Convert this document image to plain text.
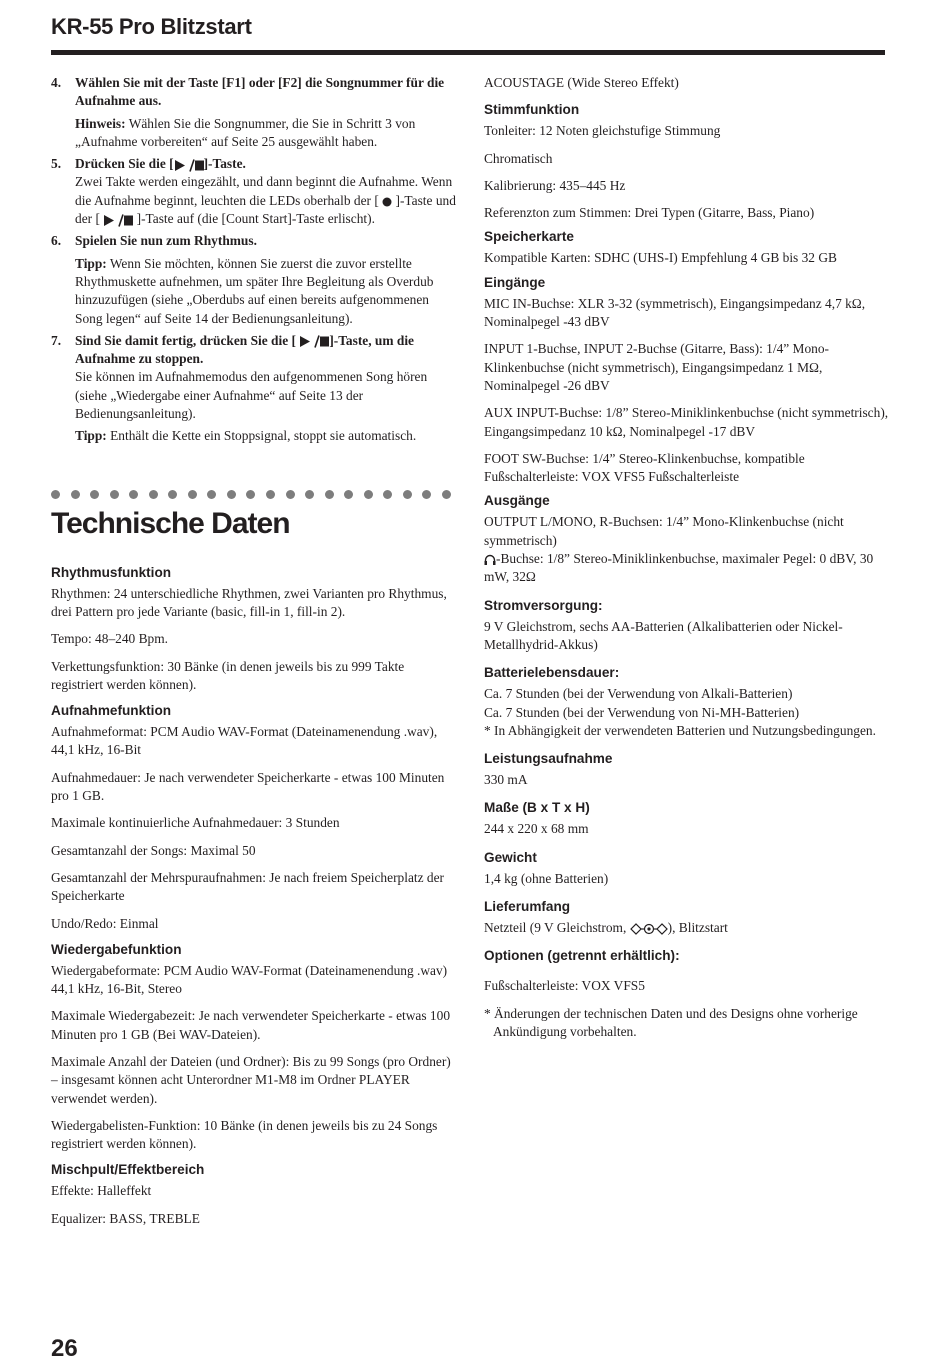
KR-55 Pro Blitzstart
4.	Wählen Sie mit der Taste [F1] oder [F2] die Songnummer für die Aufnahme aus.
Hinweis: Wählen Sie die Songnummer, die Sie in Schritt 3 von „Aufnahme vorbereiten“ auf Seite 25 ausgewählt haben.
5.	Drücken Sie die [ ]-Taste.
Zwei Takte werden eingezählt, und dann beginnt die Aufnahme. Wenn die Aufnahme beginnt, leuchten die LEDs oberhalb der [  ]-Taste und der [  ]-Taste auf (die [Count Start]-Taste erlischt).
6.	Spielen Sie nun zum Rhythmus.
Tipp: Wenn Sie möchten, können Sie zuerst die zuvor erstellte Rhythmuskette aufnehmen, um später Ihre Begleitung als Overdub hinzuzufügen (siehe „Oberdubs auf einen bereits aufgenommenen Song legen“ auf Seite 14 der Bedienungsanleitung).
7.	Sind Sie damit fertig, drücken Sie die [ ]-Taste, um die Aufnahme zu stoppen.
Sie können im Aufnahmemodus den aufgenommenen Song hören (siehe „Wiedergabe einer Aufnahme“ auf Seite 13 der Bedienungsanleitung).
Tipp: Enthält die Kette ein Stoppsignal, stoppt sie automatisch.
Technische Daten
Rhythmusfunktion

Rhythmen: 24 unterschiedliche Rhythmen, zwei Varianten pro Rhythmus, drei Pattern pro jede Variante (basic, fill-in 1, fill-in 2).

Tempo: 48–240 Bpm.

Verkettungsfunktion: 30 Bänke (in denen jeweils bis zu 999 Takte registriert werden können).

Aufnahmefunktion

Aufnahmeformat: PCM Audio WAV-Format (Dateinamenendung .wav), 44,1 kHz, 16-Bit

Aufnahmedauer: Je nach verwendeter Speicherkarte - etwas 100 Minuten pro 1 GB.

Maximale kontinuierliche Aufnahmedauer: 3 Stunden

Gesamtanzahl der Songs: Maximal 50

Gesamtanzahl der Mehrspuraufnahmen: Je nach freiem Speicherplatz der Speicherkarte

Undo/Redo: Einmal

Wiedergabefunktion

Wiedergabeformate: PCM Audio WAV-Format (Dateinamenendung .wav) 44,1 kHz, 16-Bit, Stereo

Maximale Wiedergabezeit: Je nach verwendeter Speicherkarte - etwas 100 Minuten pro 1 GB (Bei WAV-Dateien).

Maximale Anzahl der Dateien (und Ordner): Bis zu 99 Songs (pro Ordner) – insgesamt können acht Unterordner M1-M8 im Ordner PLAYER verwendet werden).

Wiedergabelisten-Funktion: 10 Bänke (in denen jeweils bis zu 24 Songs registriert werden können).

Mischpult/Effektbereich

Effekte: Halleffekt

Equalizer: BASS, TREBLE

ACOUSTAGE (Wide Stereo Effekt)

Stimmfunktion

Tonleiter: 12 Noten gleichstufige Stimmung

Chromatisch

Kalibrierung: 435–445 Hz

Referenzton zum Stimmen: Drei Typen (Gitarre, Bass, Piano)

Speicherkarte

Kompatible Karten: SDHC (UHS-I) Empfehlung 4 GB bis 32 GB

Eingänge

MIC IN-Buchse: XLR 3-32 (symmetrisch), Eingangsimpedanz 4,7 kΩ, Nominalpegel -43 dBV

INPUT 1-Buchse, INPUT 2-Buchse (Gitarre, Bass): 1/4” Mono-Klinkenbuchse (nicht symmetrisch), Eingangsimpedanz 1 MΩ, Nominalpegel -26 dBV

AUX INPUT-Buchse: 1/8” Stereo-Miniklinkenbuchse (nicht symmetrisch), Eingangsimpedanz 10 kΩ, Nominalpegel -17 dBV

FOOT SW-Buchse: 1/4” Stereo-Klinkenbuchse, kompatible Fußschalterleiste: VOX VFS5 Fußschalterleiste

Ausgänge

OUTPUT L/MONO, R-Buchsen: 1/4” Mono-Klinkenbuchse (nicht symmetrisch)

-Buchse: 1/8” Stereo-Miniklinkenbuchse, maximaler Pegel: 0 dBV, 30 mW, 32Ω

Stromversorgung:

9 V Gleichstrom, sechs AA-Batterien (Alkalibatterien oder Nickel-Metallhydrid-Akkus)

Batterielebensdauer:

Ca. 7 Stunden (bei der Verwendung von Alkali-Batterien)

Ca. 7 Stunden (bei der Verwendung von Ni-MH-Batterien)

* In Abhängigkeit der verwendeten Batterien und Nutzungsbedingungen.

Leistungsaufnahme

330 mA

Maße (B x T x H)

244 x 220 x 68 mm

Gewicht

1,4 kg (ohne Batterien)

Lieferumfang

Netzteil (9 V Gleichstrom,	), Blitzstart

Optionen (getrennt erhältlich):

Fußschalterleiste: VOX VFS5

* Änderungen der technischen Daten und des Designs ohne vorherige Ankündigung vorbehalten.

26
